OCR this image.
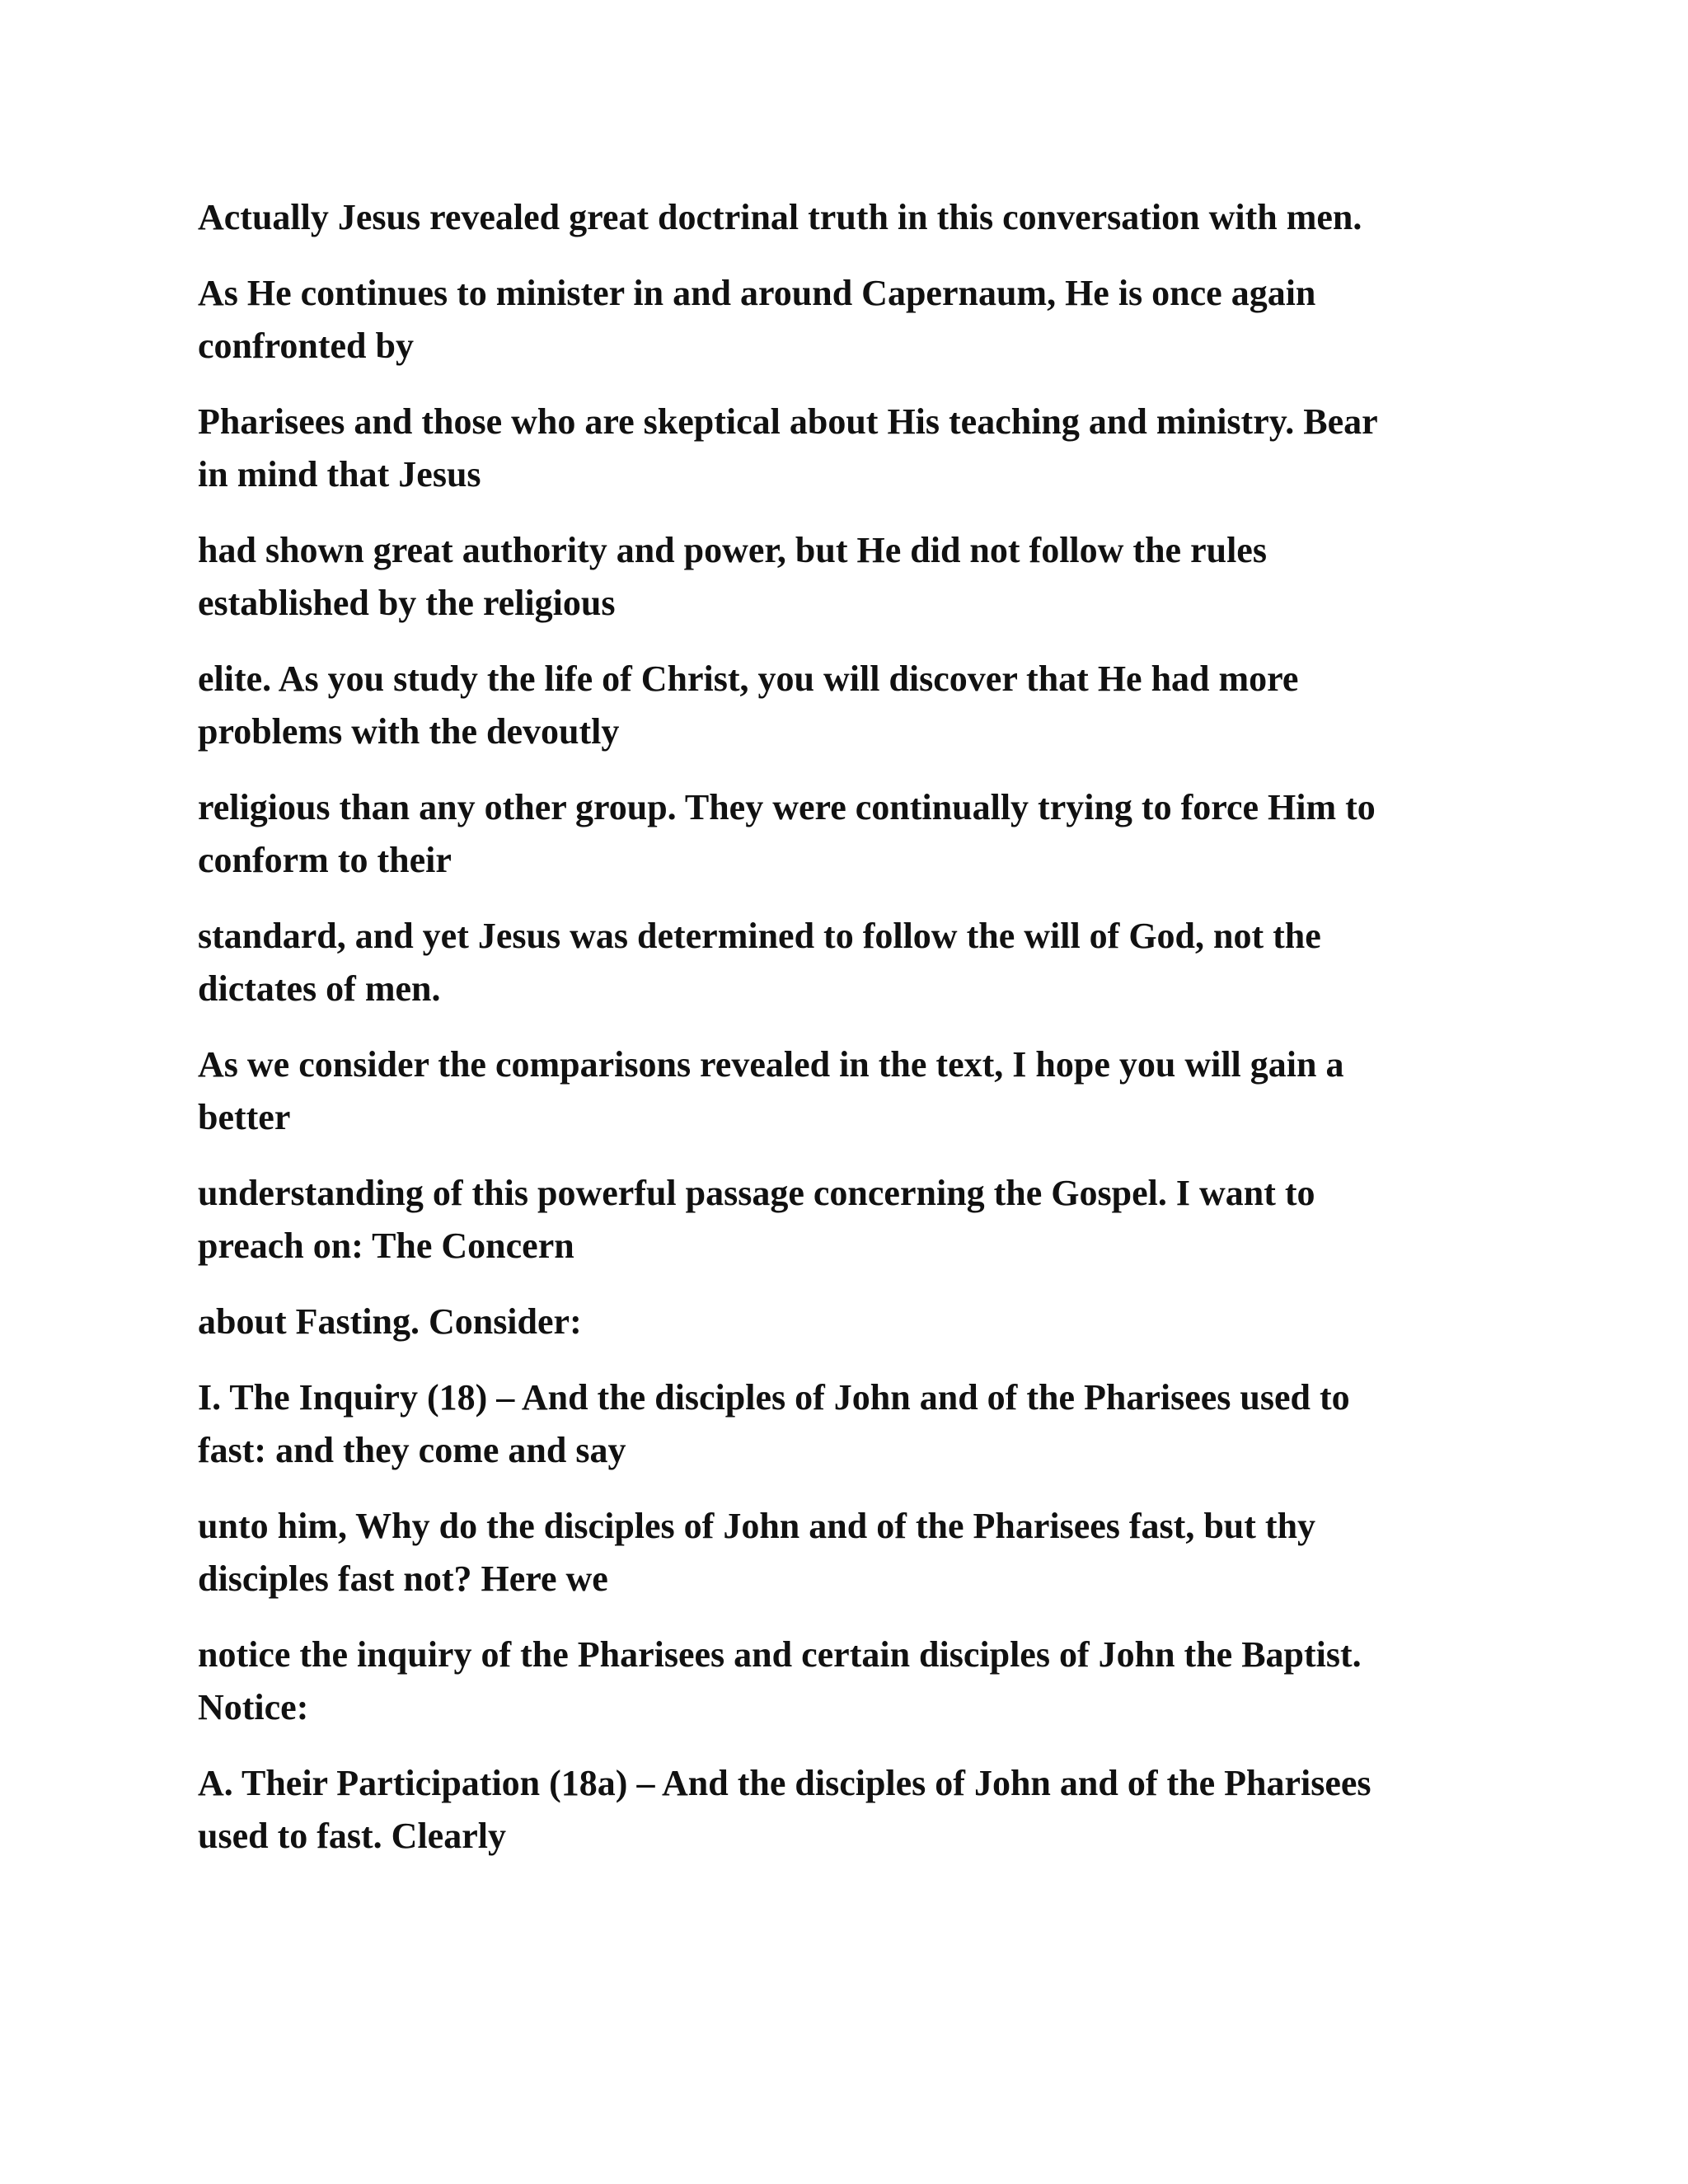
Actually Jesus revealed great doctrinal truth in this conversation with men.

As He continues to minister in and around Capernaum, He is once again
confronted by

Pharisees and those who are skeptical about His teaching and ministry. Bear
in mind that Jesus

had shown great authority and power, but He did not follow the rules
established by the religious

elite. As you study the life of Christ, you will discover that He had more
problems with the devoutly

religious than any other group. They were continually trying to force Him to
conform to their

standard, and yet Jesus was determined to follow the will of God, not the
dictates of men.

As we consider the comparisons revealed in the text, I hope you will gain a
better

understanding of this powerful passage concerning the Gospel. I want to
preach on: The Concern

about Fasting. Consider:

I. The Inquiry (18) – And the disciples of John and of the Pharisees used to
fast: and they come and say

unto him, Why do the disciples of John and of the Pharisees fast, but thy
disciples fast not? Here we

notice the inquiry of the Pharisees and certain disciples of John the Baptist.
Notice:

A. Their Participation (18a) – And the disciples of John and of the Pharisees
used to fast. Clearly
